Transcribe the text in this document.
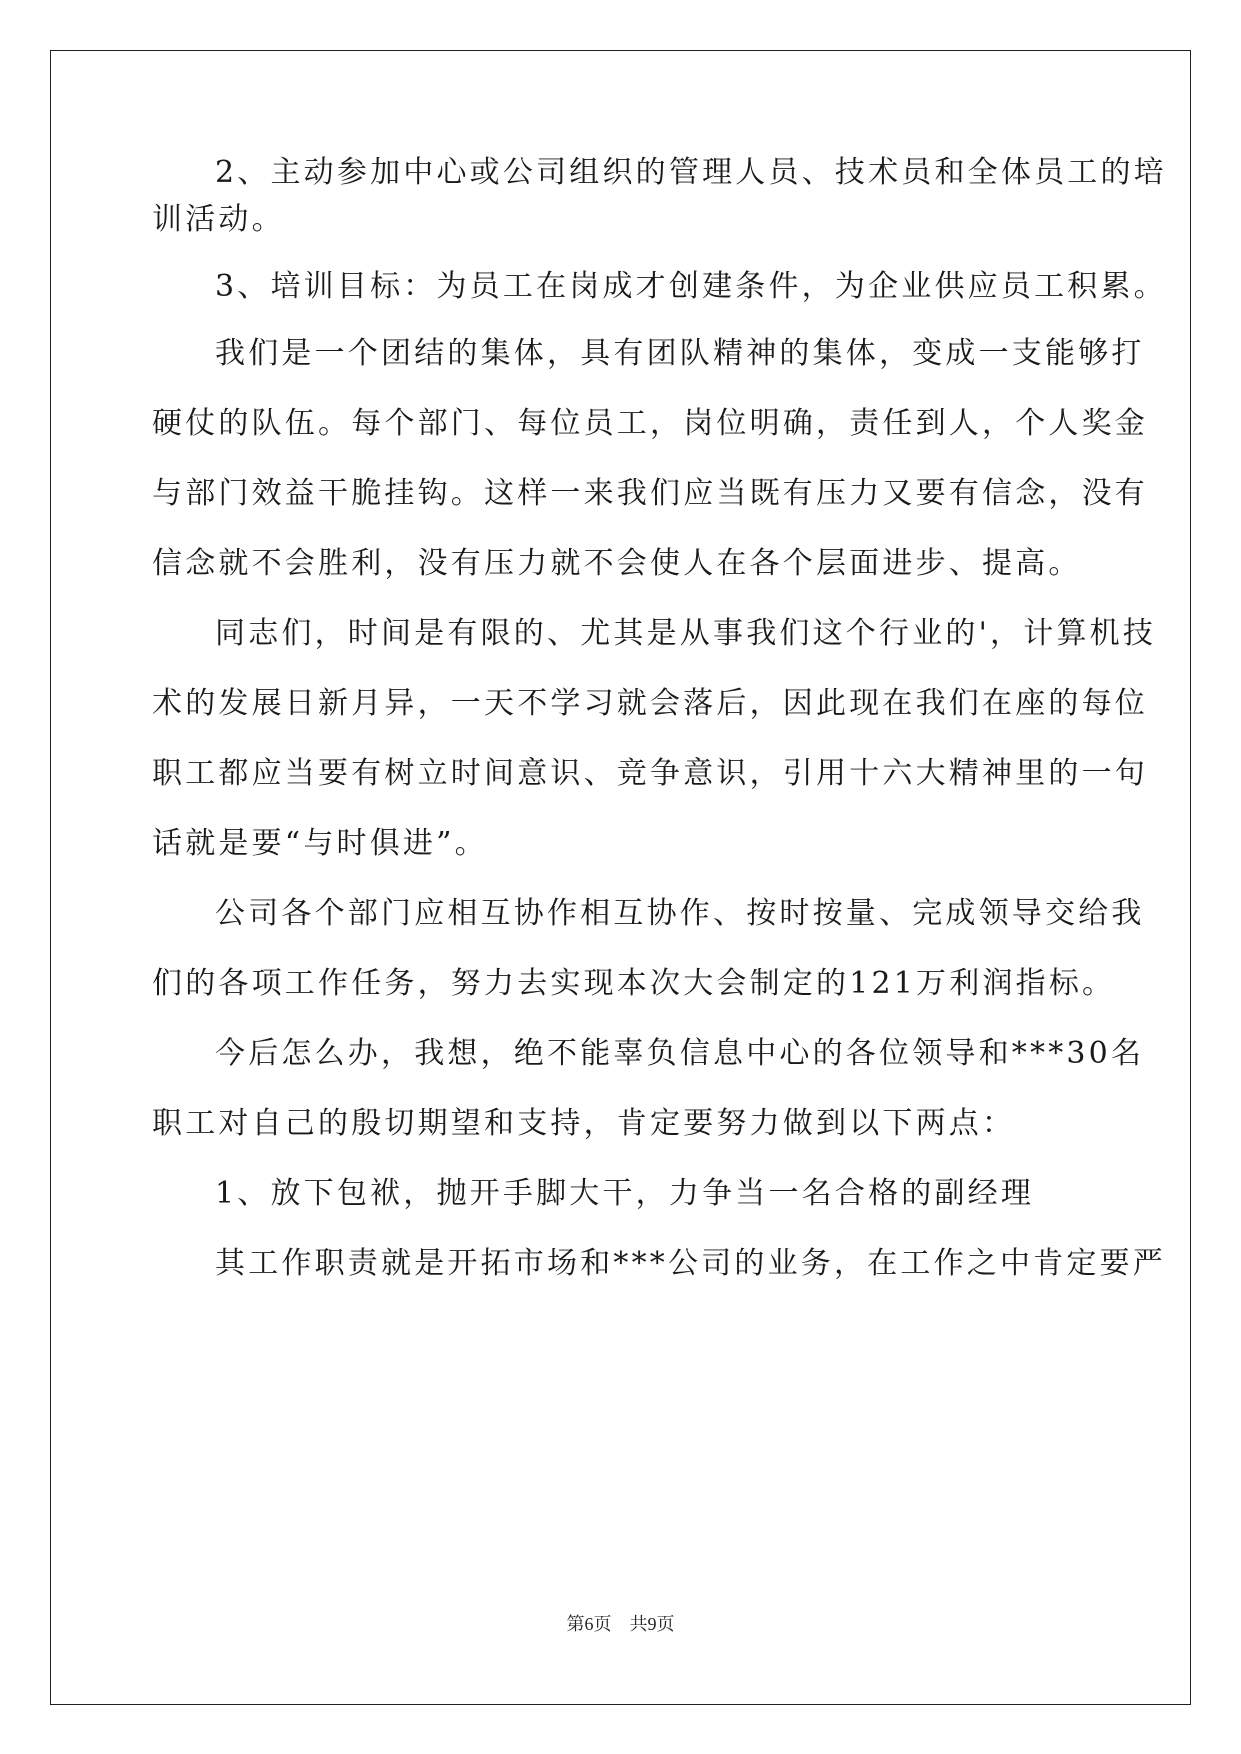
2、主动参加中心或公司组织的管理人员、技术员和全体员工的培
训活动。
3、培训目标：为员工在岗成才创建条件，为企业供应员工积累。
我们是一个团结的集体，具有团队精神的集体，变成一支能够打
硬仗的队伍。每个部门、每位员工，岗位明确，责任到人，个人奖金
与部门效益干脆挂钩。这样一来我们应当既有压力又要有信念，没有
信念就不会胜利，没有压力就不会使人在各个层面进步、提高。
同志们，时间是有限的、尤其是从事我们这个行业的'，计算机技
术的发展日新月异，一天不学习就会落后，因此现在我们在座的每位
职工都应当要有树立时间意识、竞争意识，引用十六大精神里的一句
话就是要“与时俱进”。
公司各个部门应相互协作相互协作、按时按量、完成领导交给我
们的各项工作任务，努力去实现本次大会制定的121万利润指标。
今后怎么办，我想，绝不能辜负信息中心的各位领导和***30名
职工对自己的殷切期望和支持，肯定要努力做到以下两点：
1、放下包袱，抛开手脚大干，力争当一名合格的副经理
其工作职责就是开拓市场和***公司的业务，在工作之中肯定要严
第6页　共9页
